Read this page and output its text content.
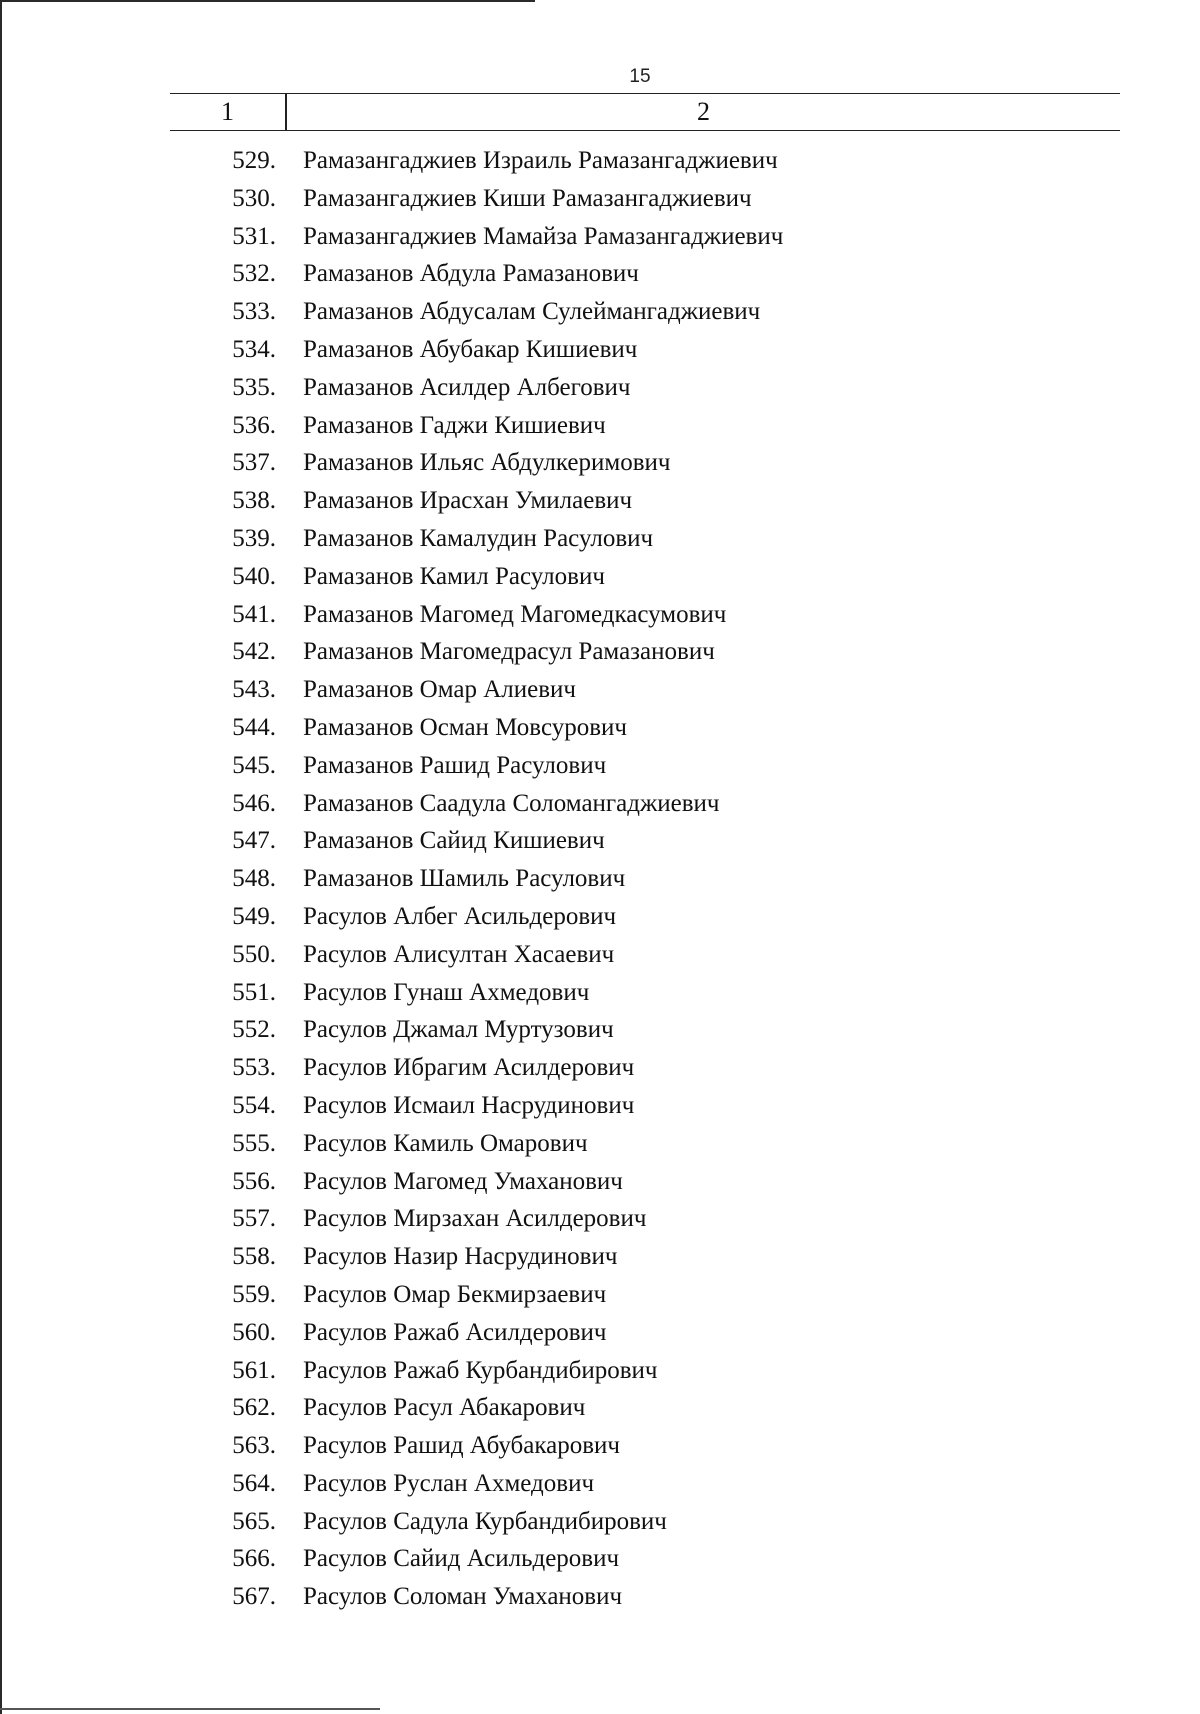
15
1	2
529. Рамазангаджиев Израиль Рамазангаджиевич
530. Рамазангаджиев Киши Рамазангаджиевич
531. Рамазангаджиев Мамайза Рамазангаджиевич
532. Рамазанов Абдула Рамазанович
533. Рамазанов Абдусалам Сулеймангаджиевич
534. Рамазанов Абубакар Кишиевич
535. Рамазанов Асилдер Албегович
536. Рамазанов Гаджи Кишиевич
537. Рамазанов Ильяс Абдулкеримович
538. Рамазанов Ирасхан Умилаевич
539. Рамазанов Камалудин Расулович
540. Рамазанов Камил Расулович
541. Рамазанов Магомед Магомедкасумович
542. Рамазанов Магомедрасул Рамазанович
543. Рамазанов Омар Алиевич
544. Рамазанов Осман Мовсурович
545. Рамазанов Рашид Расулович
546. Рамазанов Саадула Соломангаджиевич
547. Рамазанов Сайид Кишиевич
548. Рамазанов Шамиль Расулович
549. Расулов Албег Асильдерович
550. Расулов Алисултан Хасаевич
551. Расулов Гунаш Ахмедович
552. Расулов Джамал Муртузович
553. Расулов Ибрагим Асилдерович
554. Расулов Исмаил Насрудинович
555. Расулов Камиль Омарович
556. Расулов Магомед Умаханович
557. Расулов Мирзахан Асилдерович
558. Расулов Назир Насрудинович
559. Расулов Омар Бекмирзаевич
560. Расулов Ражаб Асилдерович
561. Расулов Ражаб Курбандибирович
562. Расулов Расул Абакарович
563. Расулов Рашид Абубакарович
564. Расулов Руслан Ахмедович
565. Расулов Садула Курбандибирович
566. Расулов Сайид Асильдерович
567. Расулов Соломан Умаханович
